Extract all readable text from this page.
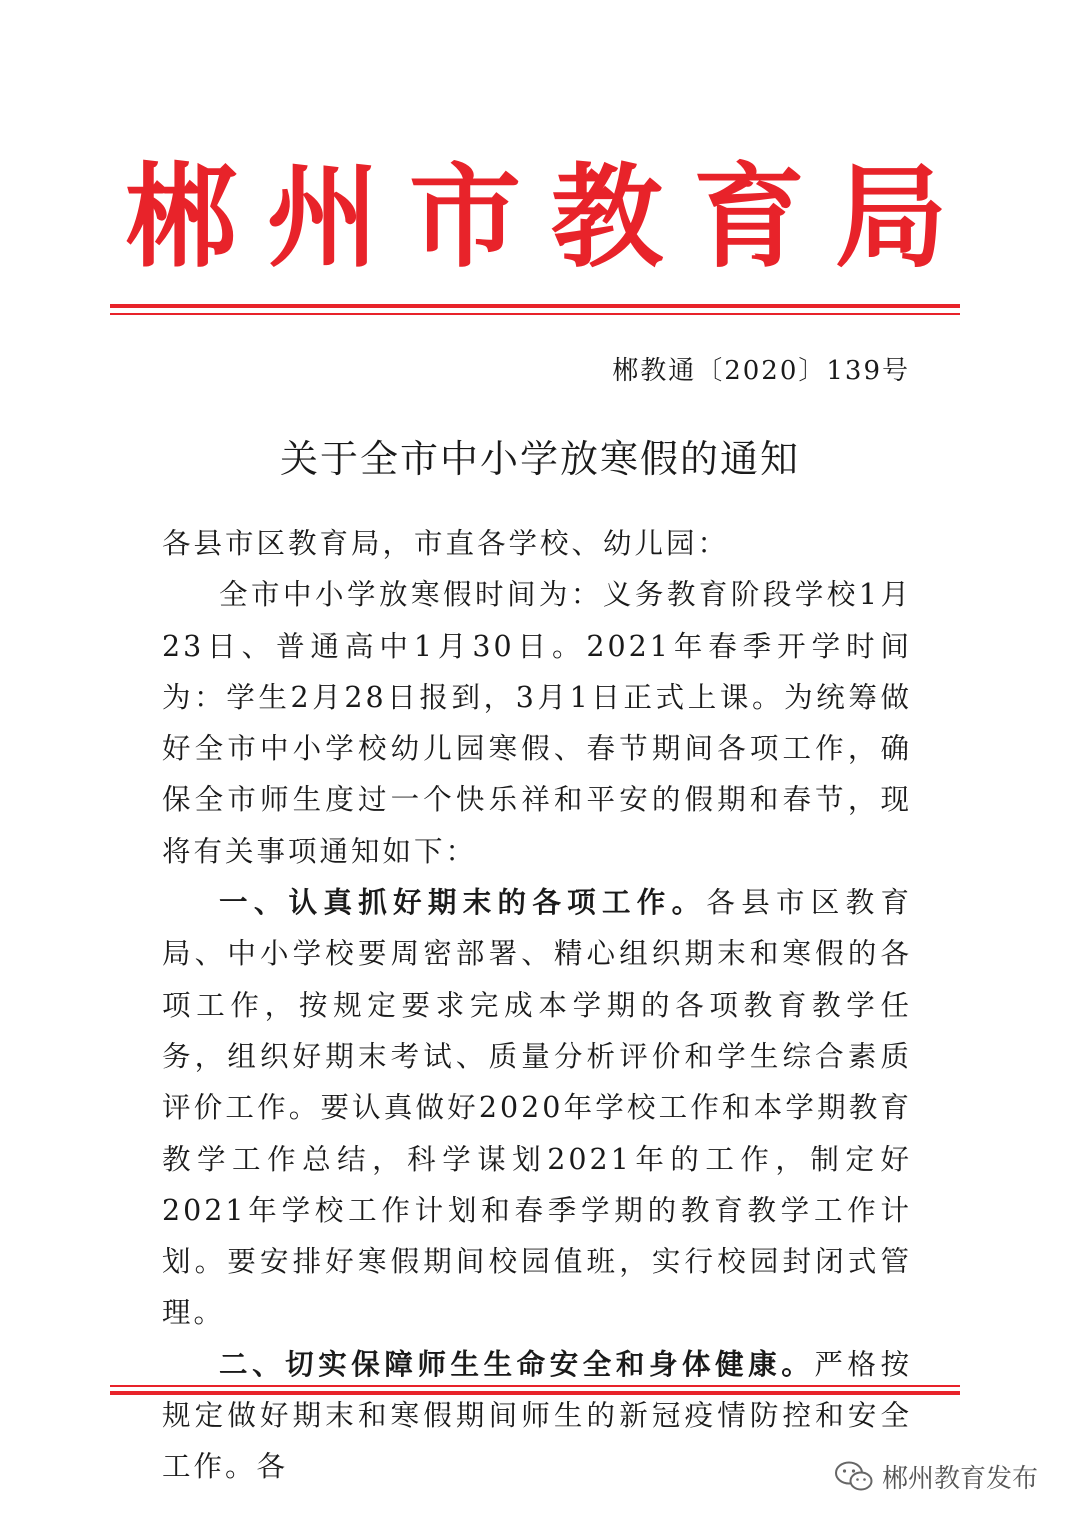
郴州市教育局
郴教通〔2020〕139号
关于全市中小学放寒假的通知

各县市区教育局，市直各学校、幼儿园：

全市中小学放寒假时间为：义务教育阶段学校1月23日、普通高中1月30日。2021年春季开学时间为：学生2月28日报到，3月1日正式上课。为统筹做好全市中小学校幼儿园寒假、春节期间各项工作，确保全市师生度过一个快乐祥和平安的假期和春节，现将有关事项通知如下：

一、认真抓好期末的各项工作。各县市区教育局、中小学校要周密部署、精心组织期末和寒假的各项工作，按规定要求完成本学期的各项教育教学任务，组织好期末考试、质量分析评价和学生综合素质评价工作。要认真做好2020年学校工作和本学期教育教学工作总结，科学谋划2021年的工作，制定好2021年学校工作计划和春季学期的教育教学工作计划。要安排好寒假期间校园值班，实行校园封闭式管理。

二、切实保障师生生命安全和身体健康。严格按规定做好期末和寒假期间师生的新冠疫情防控和安全工作。各	郴州教育发布
